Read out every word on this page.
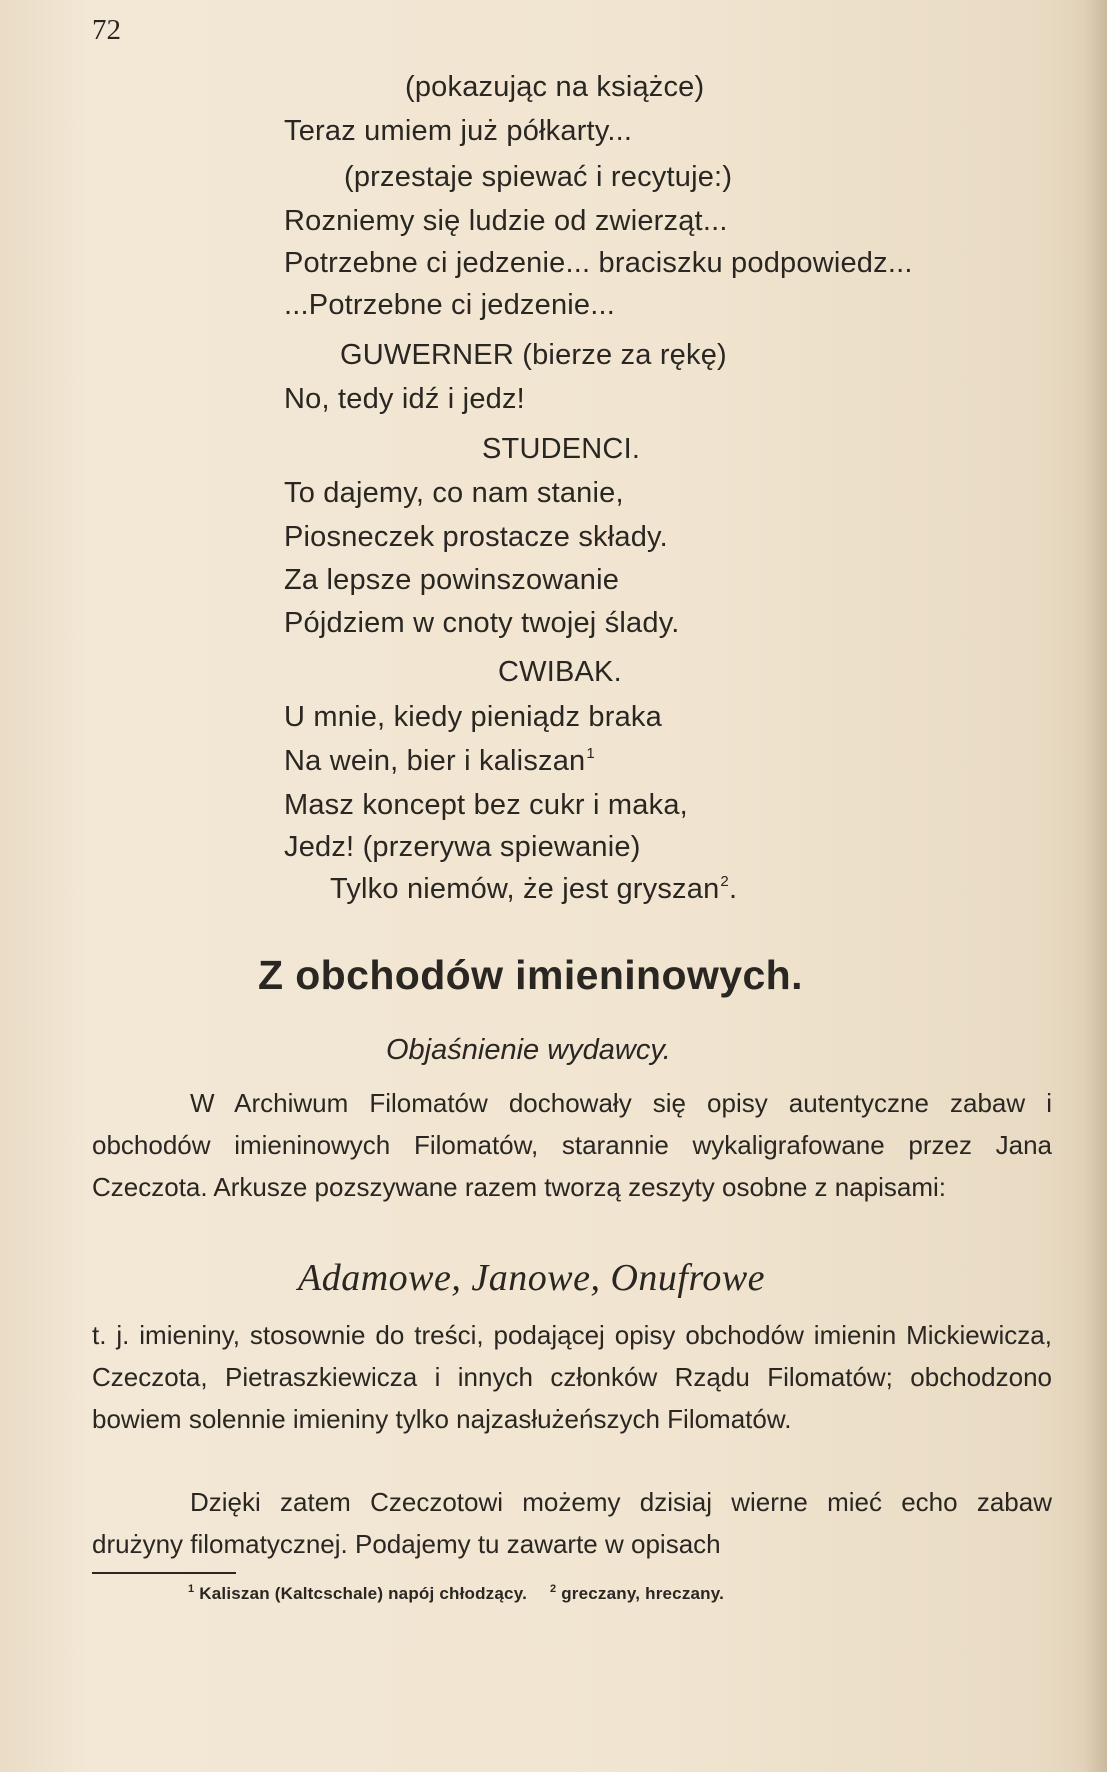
72
(pokazując na książce)
Teraz umiem już półkarty...
(przestaje spiewać i recytuje:)
Rozniemy się ludzie od zwierząt...
Potrzebne ci jedzenie... braciszku podpowiedz...
...Potrzebne ci jedzenie...
GUWERNER (bierze za rękę)
No, tedy idź i jedz!
STUDENCI.
To dajemy, co nam stanie,
Piosneczek prostacze składy.
Za lepsze powinszowanie
Pójdziem w cnoty twojej ślady.
CWIBAK.
U mnie, kiedy pieniądz braka
Na wein, bier i kaliszan$^1$
Masz koncept bez cukr i maka,
Jedz! (przerywa spiewanie)
Tylko niemów, że jest gryszan$^2$.
Z obchodów imieninowych.
Objaśnienie wydawcy.
W Archiwum Filomatów dochowały się opisy autentyczne zabaw i obchodów imieninowych Filomatów, starannie wykaligrafowane przez Jana Czeczota. Arkusze pozszywane razem tworzą zeszyty osobne z napisami:
Adamowe, Janowe, Onufrowe
t. j. imieniny, stosownie do treści, podającej opisy obchodów imienin Mickiewicza, Czeczota, Pietraszkiewicza i innych członków Rządu Filomatów; obchodzono bowiem solennie imieniny tylko najzasłużeńszych Filomatów.
Dzięki zatem Czeczotowi możemy dzisiaj wierne mieć echo zabaw drużyny filomatycznej. Podajemy tu zawarte w opisach
$^1$ Kaliszan (Kaltcschale) napój chłodzący. $^2$ greczany, hreczany.
